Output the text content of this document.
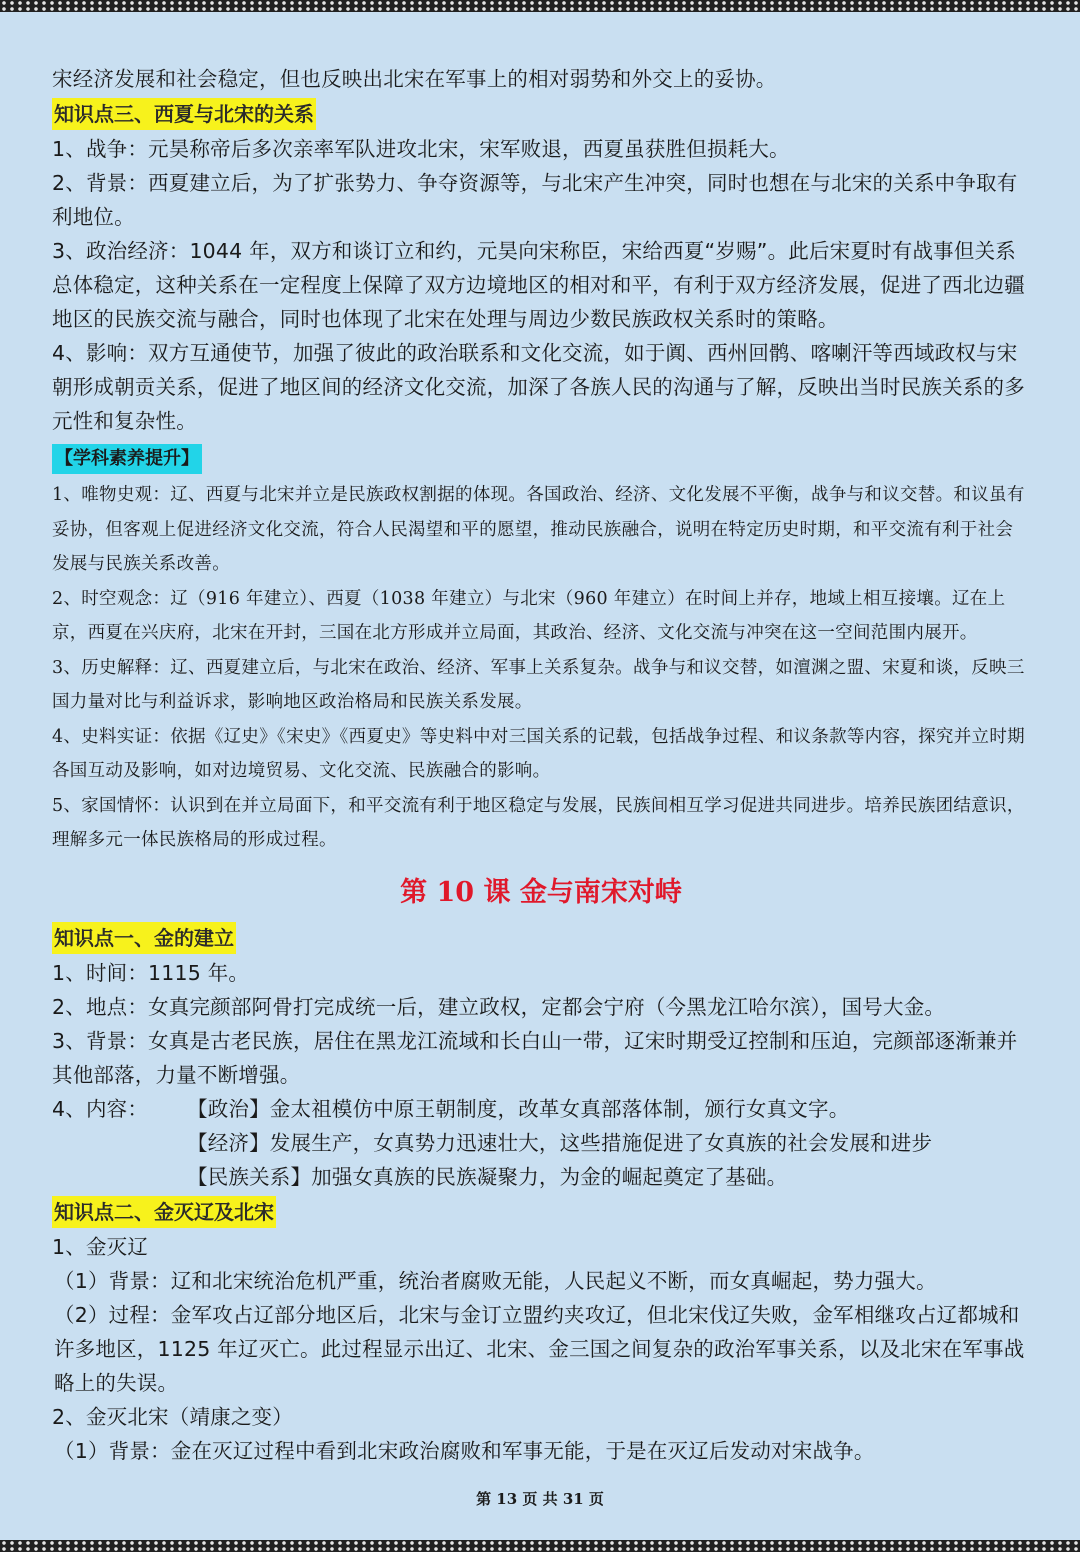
宋经济发展和社会稳定，但也反映出北宋在军事上的相对弱势和外交上的妥协。
知识点三、西夏与北宋的关系
1、战争：元昊称帝后多次亲率军队进攻北宋，宋军败退，西夏虽获胜但损耗大。
2、背景：西夏建立后，为了扩张势力、争夺资源等，与北宋产生冲突，同时也想在与北宋的关系中争取有利地位。
3、政治经济：1044 年，双方和谈订立和约，元昊向宋称臣，宋给西夏“岁赐”。此后宋夏时有战事但关系总体稳定，这种关系在一定程度上保障了双方边境地区的相对和平，有利于双方经济发展，促进了西北边疆地区的民族交流与融合，同时也体现了北宋在处理与周边少数民族政权关系时的策略。
4、影响：双方互通使节，加强了彼此的政治联系和文化交流，如于阗、西州回鹘、喀喇汗等西域政权与宋朝形成朝贡关系，促进了地区间的经济文化交流，加深了各族人民的沟通与了解，反映出当时民族关系的多元性和复杂性。
【学科素养提升】
1、唯物史观：辽、西夏与北宋并立是民族政权割据的体现。各国政治、经济、文化发展不平衡，战争与和议交替。和议虽有妥协，但客观上促进经济文化交流，符合人民渴望和平的愿望，推动民族融合，说明在特定历史时期，和平交流有利于社会发展与民族关系改善。
2、时空观念：辽（916 年建立）、西夏（1038 年建立）与北宋（960 年建立）在时间上并存，地域上相互接壤。辽在上京，西夏在兴庆府，北宋在开封，三国在北方形成并立局面，其政治、经济、文化交流与冲突在这一空间范围内展开。
3、历史解释：辽、西夏建立后，与北宋在政治、经济、军事上关系复杂。战争与和议交替，如澶渊之盟、宋夏和谈，反映三国力量对比与利益诉求，影响地区政治格局和民族关系发展。
4、史料实证：依据《辽史》《宋史》《西夏史》等史料中对三国关系的记载，包括战争过程、和议条款等内容，探究并立时期各国互动及影响，如对边境贸易、文化交流、民族融合的影响。
5、家国情怀：认识到在并立局面下，和平交流有利于地区稳定与发展，民族间相互学习促进共同进步。培养民族团结意识，理解多元一体民族格局的形成过程。
第 10 课 金与南宋对峙
知识点一、金的建立
1、时间：1115 年。
2、地点：女真完颜部阿骨打完成统一后，建立政权，定都会宁府（今黑龙江哈尔滨），国号大金。
3、背景：女真是古老民族，居住在黑龙江流域和长白山一带，辽宋时期受辽控制和压迫，完颜部逐渐兼并其他部落，力量不断增强。
4、内容：	【政治】金太祖模仿中原王朝制度，改革女真部落体制，颁行女真文字。
【经济】发展生产，女真势力迅速壮大，这些措施促进了女真族的社会发展和进步
【民族关系】加强女真族的民族凝聚力，为金的崛起奠定了基础。
知识点二、金灭辽及北宋
1、金灭辽
（1）背景：辽和北宋统治危机严重，统治者腐败无能，人民起义不断，而女真崛起，势力强大。
（2）过程：金军攻占辽部分地区后，北宋与金订立盟约夹攻辽，但北宋伐辽失败，金军相继攻占辽都城和许多地区，1125 年辽灭亡。此过程显示出辽、北宋、金三国之间复杂的政治军事关系，以及北宋在军事战略上的失误。
2、金灭北宋（靖康之变）
（1）背景：金在灭辽过程中看到北宋政治腐败和军事无能，于是在灭辽后发动对宋战争。
第 13 页 共 31 页
